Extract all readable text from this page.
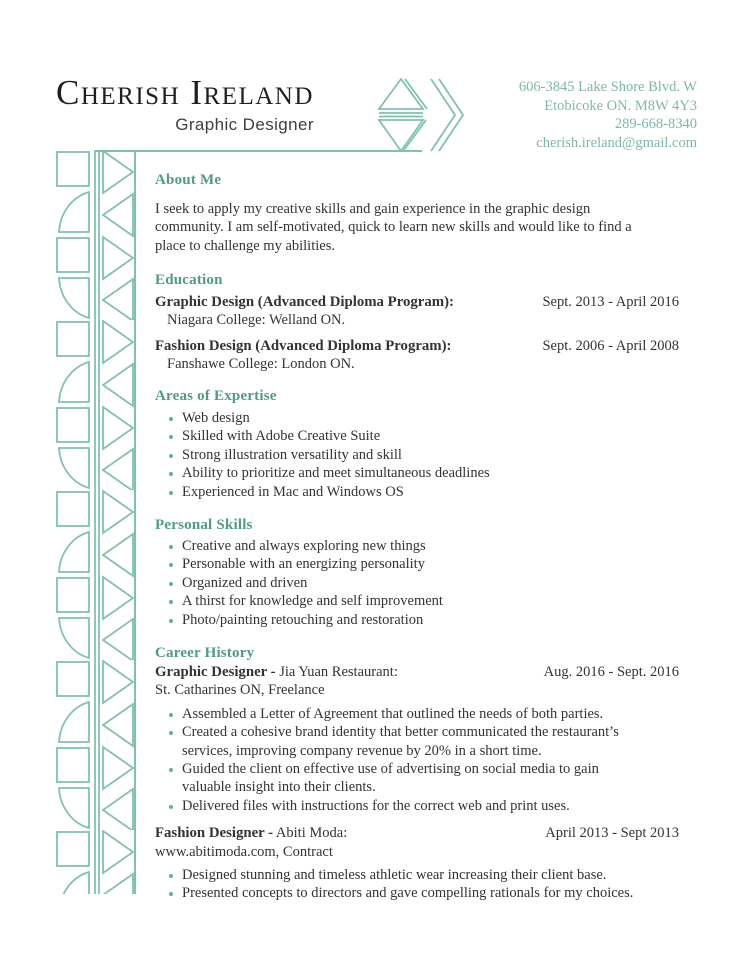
Cherish Ireland
Graphic Designer
606-3845 Lake Shore Blvd. W
Etobicoke ON. M8W 4Y3
289-668-8340
cherish.ireland@gmail.com
About Me
I seek to apply my creative skills and gain experience in the graphic design
community. I am self-motivated, quick to learn new skills and would like to find a
place to challenge my abilities.
Education
Graphic Design (Advanced Diploma Program):	Sept. 2013 - April 2016
Niagara College: Welland ON.
Fashion Design (Advanced Diploma Program):	Sept. 2006 - April 2008
Fanshawe College: London ON.
Areas of Expertise
Web design
Skilled with Adobe Creative Suite
Strong illustration versatility and skill
Ability to prioritize and meet simultaneous deadlines
Experienced in Mac and Windows OS
Personal Skills
Creative and always exploring new things
Personable with an energizing personality
Organized and driven
A thirst for knowledge and self improvement
Photo/painting retouching and restoration
Career History
Graphic Designer - Jia Yuan Restaurant:	Aug. 2016 - Sept. 2016
St. Catharines ON, Freelance
Assembled a Letter of Agreement that outlined the needs of both parties.
Created a cohesive brand identity that better communicated the restaurant’s
services, improving company revenue by 20% in a short time.
Guided the client on effective use of advertising on social media to gain
valuable insight into their clients.
Delivered files with instructions for the correct web and print uses.
Fashion Designer - Abiti Moda:	April 2013 - Sept 2013
www.abitimoda.com, Contract
Designed stunning and timeless athletic wear increasing their client base.
Presented concepts to directors and gave compelling rationals for my choices.
